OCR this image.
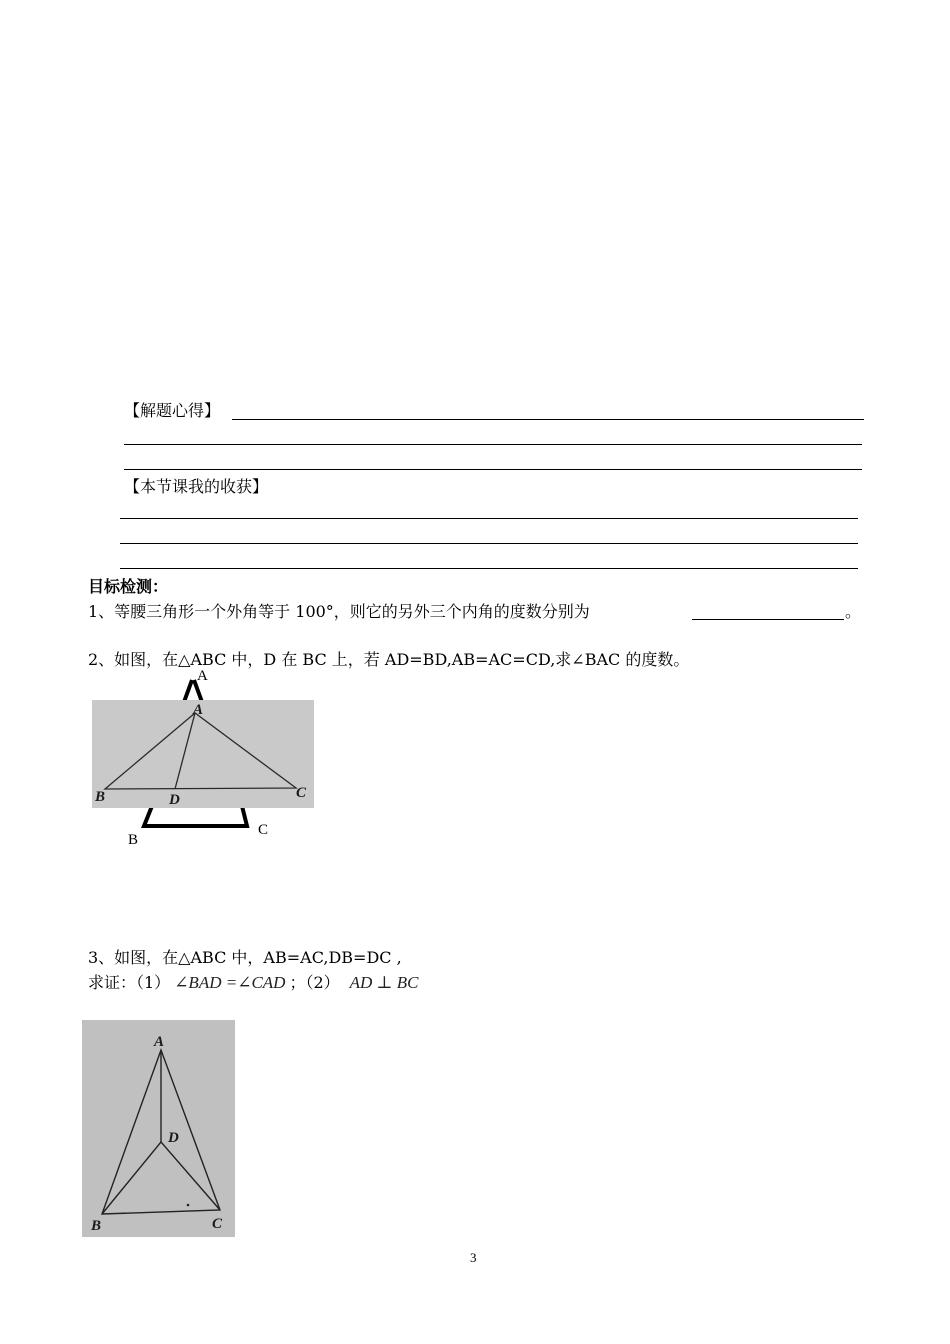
【解题心得】
【本节课我的收获】
目标检测：
1、等腰三角形一个外角等于 100°，则它的另外三个内角的度数分别为	。
2、如图，在△ABC 中，D 在 BC 上，若 AD=BD,AB=AC=CD,求∠BAC 的度数。
A
B
C
A
B	D	C
3、如图，在△ABC 中，AB=AC,DB=DC ,
求证：（1） ∠BAD =∠CAD ；（2） AD ⊥ BC
A
D
B	C
3
